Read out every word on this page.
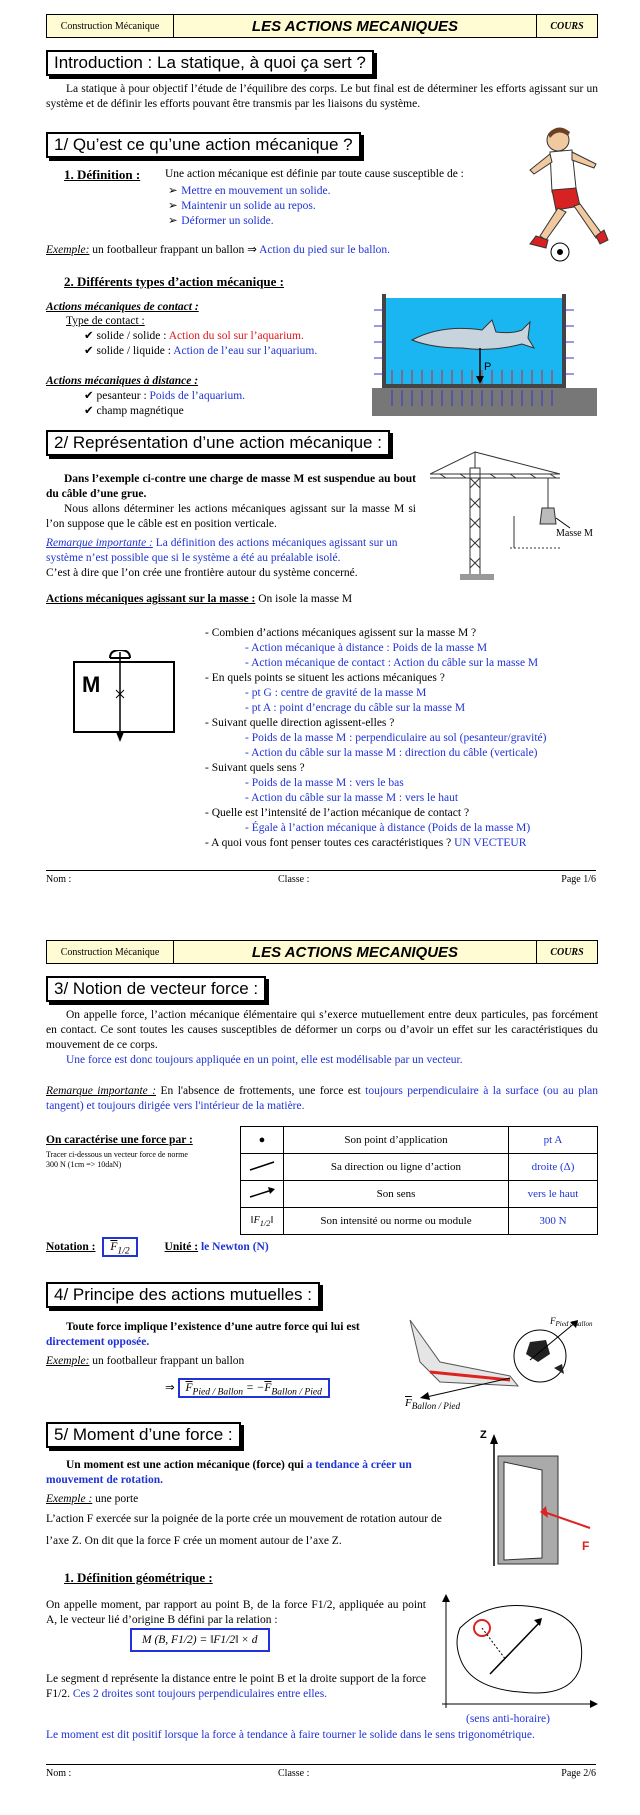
Construction Mécanique	LES ACTIONS MECANIQUES	COURS
Introduction : La statique, à quoi ça sert ?
La statique à pour objectif l’étude de l’équilibre des corps. Le but final est de déterminer les efforts agissant sur un système et de définir les efforts pouvant être transmis par les liaisons du système.
1/ Qu’est ce qu’une action mécanique ?
1. Définition : Une action mécanique est définie par toute cause susceptible de :
➢ Mettre en mouvement un solide.
➢ Maintenir un solide au repos.
➢ Déformer un solide.
Exemple: un footballeur frappant un ballon ⇒ Action du pied sur le ballon.
2. Différents types d’action mécanique :
Actions mécaniques de contact :
Type de contact :
✔ solide / solide : Action du sol sur l’aquarium.
✔ solide / liquide : Action de l’eau sur l’aquarium.
Actions mécaniques à distance :
✔ pesanteur : Poids de l’aquarium.
✔ champ magnétique
P
2/ Représentation d’une action mécanique :
Dans l’exemple ci-contre une charge de masse M est suspendue au bout du câble d’une grue.
Nous allons déterminer les actions mécaniques agissant sur la masse M si l’on suppose que le câble est en position verticale.
Masse M
Remarque importante : La définition des actions mécaniques agissant sur un système n’est possible que si le système a été au préalable isolé.
C’est à dire que l’on crée une frontière autour du système concerné.
Actions mécaniques agissant sur la masse : On isole la masse M
M
- Combien d’actions mécaniques agissent sur la masse M ?
- Action mécanique à distance : Poids de la masse M
- Action mécanique de contact : Action du câble sur la masse M
- En quels points se situent les actions mécaniques ?
- pt G : centre de gravité de la masse M
- pt A : point d’encrage du câble sur la masse M
- Suivant quelle direction agissent-elles ?
- Poids de la masse M : perpendiculaire au sol (pesanteur/gravité)
- Action du câble sur la masse M : direction du câble (verticale)
- Suivant quels sens ?
- Poids de la masse M : vers le bas
- Action du câble sur la masse M : vers le haut
- Quelle est l’intensité de l’action mécanique de contact ?
- Égale à l’action mécanique à distance (Poids de la masse M)
- A quoi vous font penser toutes ces caractéristiques ? UN VECTEUR
Nom :	Classe :	Page 1/6
Construction Mécanique	LES ACTIONS MECANIQUES	COURS
3/ Notion de vecteur force :
On appelle force, l’action mécanique élémentaire qui s’exerce mutuellement entre deux particules, pas forcément en contact. Ce sont toutes les causes susceptibles de déformer un corps ou d’avoir un effet sur les caractéristiques du mouvement de ce corps.
Une force est donc toujours appliquée en un point, elle est modélisable par un vecteur.
Remarque importante : En l'absence de frottements, une force est toujours perpendiculaire à la surface (ou au plan tangent) et toujours dirigée vers l'intérieur de la matière.
On caractérise une force par :
Tracer ci-dessous un vecteur force de norme 300 N (1cm => 10daN)
●	Son point d’application	pt A
	Sa direction ou ligne d’action	droite (Δ)
	Son sens	vers le haut
$‖F_{1/2}‖$	Son intensité ou norme ou module	300 N
Notation : $\overline{F}_{1/2}$	Unité : le Newton (N)
4/ Principe des actions mutuelles :
Toute force implique l’existence d’une autre force qui lui est directement opposée.
Exemple: un footballeur frappant un ballon
⇒ $\overline{F}_{Pied / Ballon} = -\overline{F}_{Ballon / Pied}$
$F_{Pied / Ballon}$
$\overline{F}_{Ballon / Pied}$
5/ Moment d’une force :
Un moment est une action mécanique (force) qui a tendance à créer un mouvement de rotation.
Z
F
Exemple : une porte
L’action F exercée sur la poignée de la porte crée un mouvement de rotation autour de l’axe Z. On dit que la force F crée un moment autour de l’axe Z.
1. Définition géométrique :
On appelle moment, par rapport au point B, de la force F1/2, appliquée au point A, le vecteur lié d’origine B défini par la relation :
M (B, F1/2) = ‖F1/2‖ × d
Le segment d représente la distance entre le point B et la droite support de la force F1/2. Ces 2 droites sont toujours perpendiculaires entre elles.
(sens anti-horaire)
Le moment est dit positif lorsque la force à tendance à faire tourner le solide dans le sens trigonométrique.
Nom :	Classe :	Page 2/6
